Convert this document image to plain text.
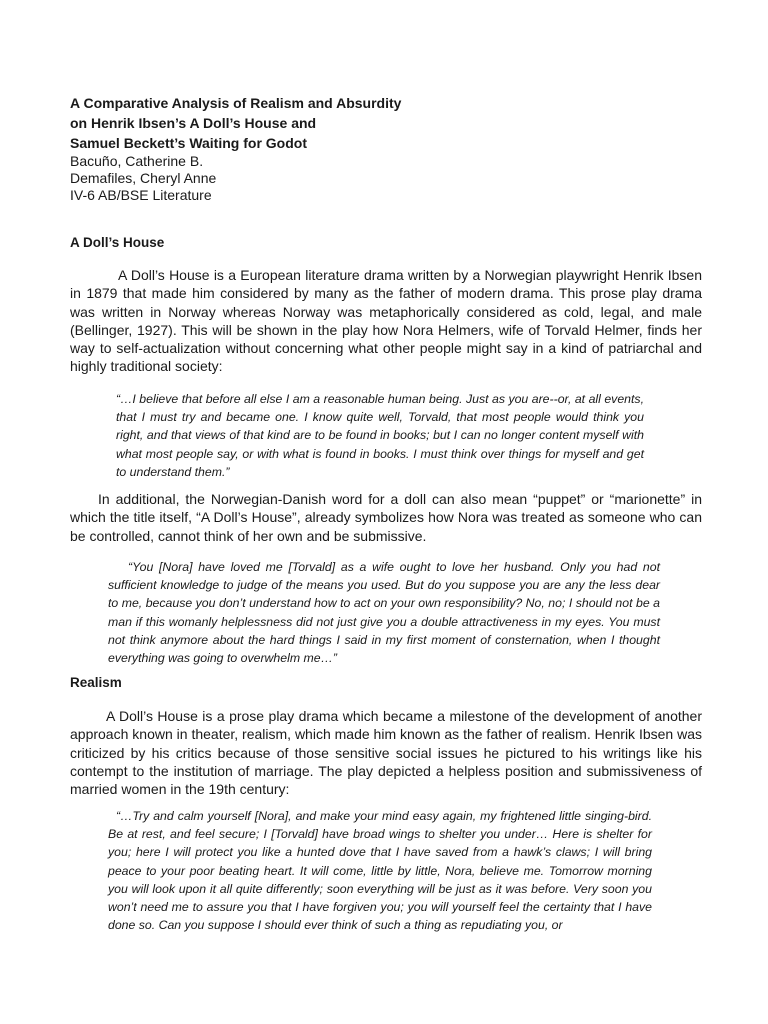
A Comparative Analysis of Realism and Absurdity
on Henrik Ibsen’s A Doll’s House and
Samuel Beckett’s Waiting for Godot
Bacuño, Catherine B.
Demafiles, Cheryl Anne
IV-6 AB/BSE Literature
A Doll’s House

A Doll’s House is a European literature drama written by a Norwegian playwright Henrik Ibsen in 1879 that made him considered by many as the father of modern drama. This prose play drama was written in Norway whereas Norway was metaphorically considered as cold, legal, and male (Bellinger, 1927). This will be shown in the play how Nora Helmers, wife of Torvald Helmer, finds her way to self-actualization without concerning what other people might say in a kind of patriarchal and highly traditional society:

“…I believe that before all else I am a reasonable human being. Just as you are--or, at all events, that I must try and became one. I know quite well, Torvald, that most people would think you right, and that views of that kind are to be found in books; but I can no longer content myself with what most people say, or with what is found in books. I must think over things for myself and get to understand them.”

In additional, the Norwegian-Danish word for a doll can also mean “puppet” or “marionette” in which the title itself, “A Doll’s House”, already symbolizes how Nora was treated as someone who can be controlled, cannot think of her own and be submissive.

“You [Nora] have loved me [Torvald] as a wife ought to love her husband. Only you had not sufficient knowledge to judge of the means you used. But do you suppose you are any the less dear to me, because you don’t understand how to act on your own responsibility? No, no; I should not be a man if this womanly helplessness did not just give you a double attractiveness in my eyes. You must not think anymore about the hard things I said in my first moment of consternation, when I thought everything was going to overwhelm me…”

Realism

A Doll’s House is a prose play drama which became a milestone of the development of another approach known in theater, realism, which made him known as the father of realism. Henrik Ibsen was criticized by his critics because of those sensitive social issues he pictured to his writings like his contempt to the institution of marriage. The play depicted a helpless position and submissiveness of married women in the 19th century:

“…Try and calm yourself [Nora], and make your mind easy again, my frightened little singing-bird. Be at rest, and feel secure; I [Torvald] have broad wings to shelter you under… Here is shelter for you; here I will protect you like a hunted dove that I have saved from a hawk’s claws; I will bring peace to your poor beating heart. It will come, little by little, Nora, believe me. Tomorrow morning you will look upon it all quite differently; soon everything will be just as it was before. Very soon you won’t need me to assure you that I have forgiven you; you will yourself feel the certainty that I have done so. Can you suppose I should ever think of such a thing as repudiating you, or
